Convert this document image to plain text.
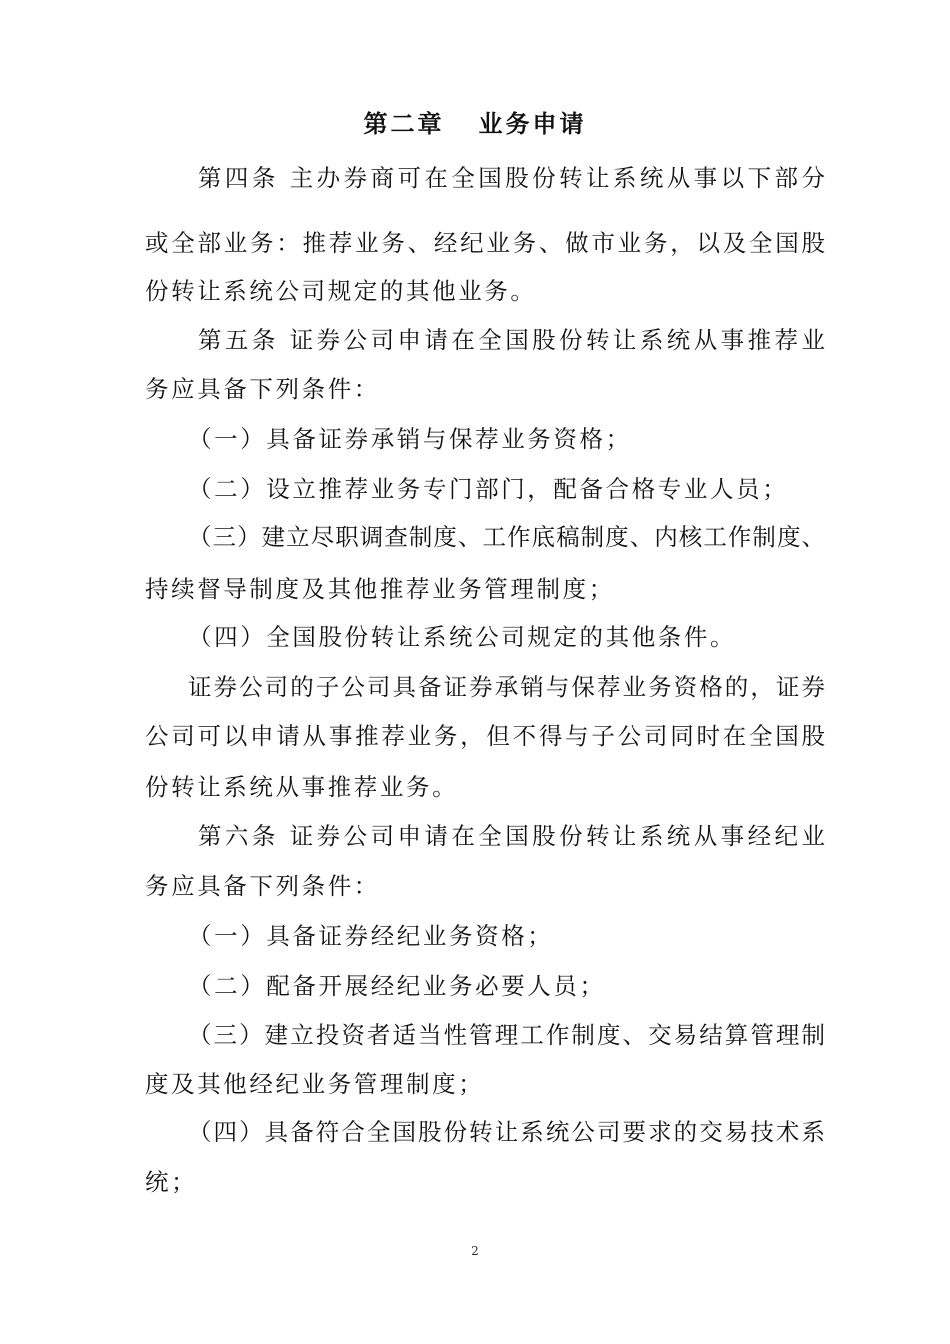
第二章   业务申请
第四条 主办券商可在全国股份转让系统从事以下部分
或全部业务：推荐业务、经纪业务、做市业务，以及全国股
份转让系统公司规定的其他业务。
第五条 证券公司申请在全国股份转让系统从事推荐业
务应具备下列条件：
（一）具备证券承销与保荐业务资格；
（二）设立推荐业务专门部门，配备合格专业人员；
（三）建立尽职调查制度、工作底稿制度、内核工作制度、
持续督导制度及其他推荐业务管理制度；
（四）全国股份转让系统公司规定的其他条件。
证券公司的子公司具备证券承销与保荐业务资格的，证券
公司可以申请从事推荐业务，但不得与子公司同时在全国股
份转让系统从事推荐业务。
第六条 证券公司申请在全国股份转让系统从事经纪业
务应具备下列条件：
（一）具备证券经纪业务资格；
（二）配备开展经纪业务必要人员；
（三）建立投资者适当性管理工作制度、交易结算管理制
度及其他经纪业务管理制度；
（四）具备符合全国股份转让系统公司要求的交易技术系
统；
2
